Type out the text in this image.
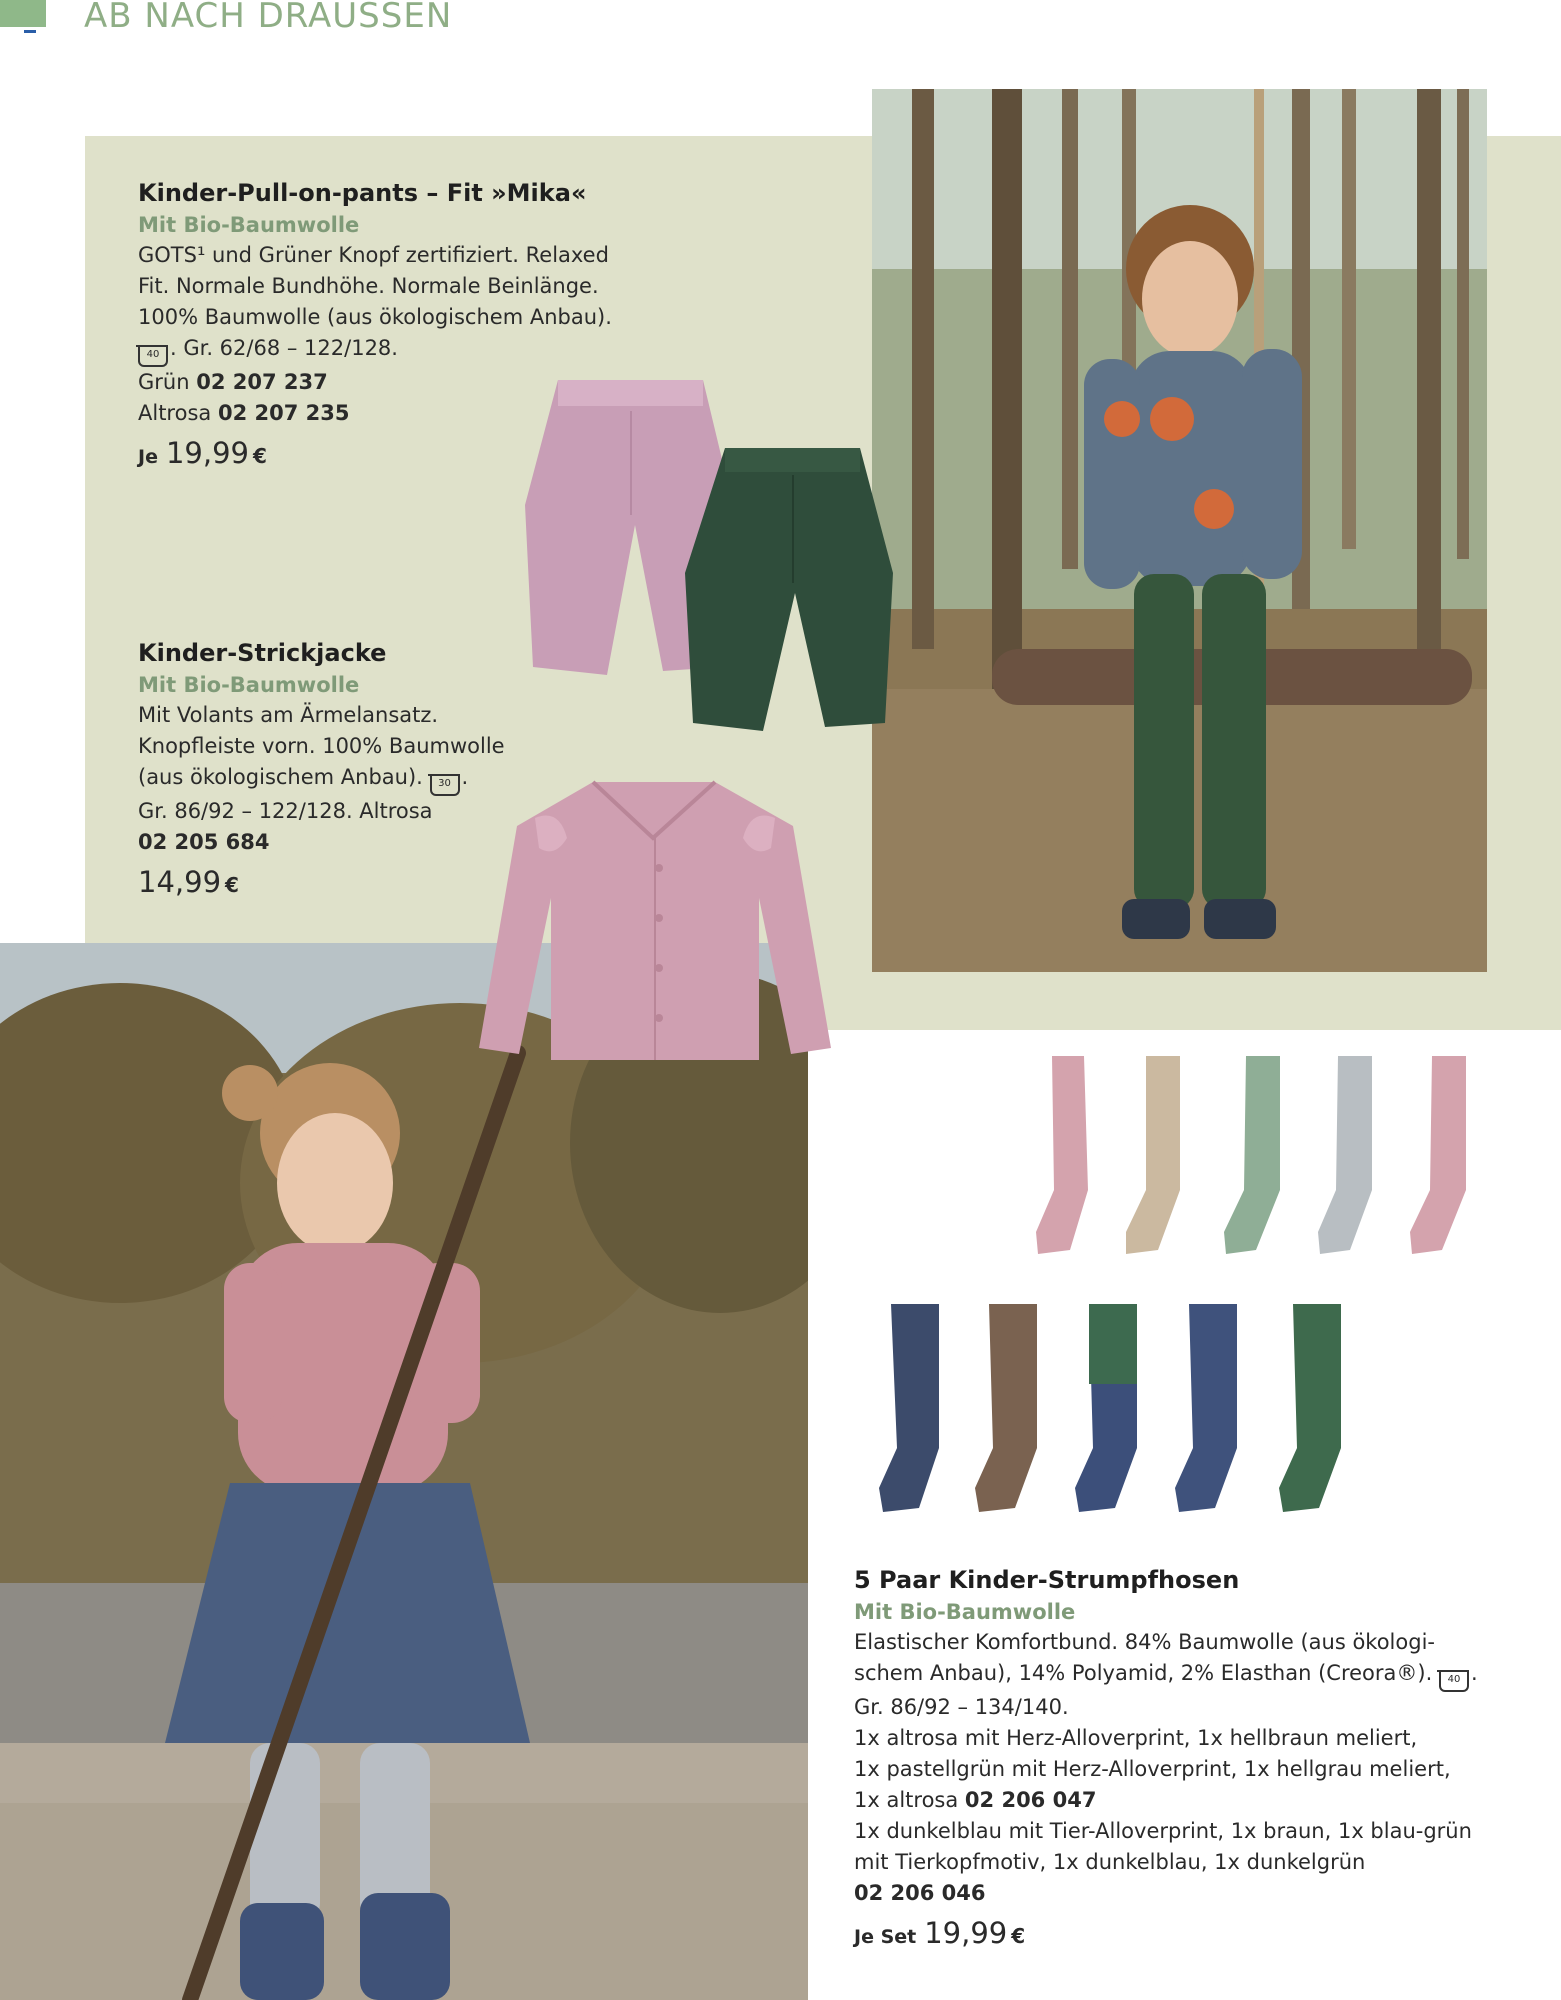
AB NACH DRAUSSEN
Kinder-Pull-on-pants – Fit »Mika«
Mit Bio-Baumwolle
GOTS¹ und Grüner Knopf zertifiziert. Relaxed
Fit. Normale Bundhöhe. Normale Beinlänge.
100% Baumwolle (aus ökologischem Anbau).
40 . Gr. 62/68 – 122/128.
Grün 02 207 237
Altrosa 02 207 235
Je 19,99 €
Kinder-Strickjacke
Mit Bio-Baumwolle
Mit Volants am Ärmelansatz.
Knopfleiste vorn. 100% Baumwolle
(aus ökologischem Anbau). 30 .
Gr. 86/92 – 122/128. Altrosa
02 205 684
14,99 €
5 Paar Kinder-Strumpfhosen
Mit Bio-Baumwolle
Elastischer Komfortbund. 84% Baumwolle (aus ökologi-
schem Anbau), 14% Polyamid, 2% Elasthan (Creora®). 40 .
Gr. 86/92 – 134/140.
1x altrosa mit Herz-Alloverprint, 1x hellbraun meliert,
1x pastellgrün mit Herz-Alloverprint, 1x hellgrau meliert,
1x altrosa 02 206 047
1x dunkelblau mit Tier-Alloverprint, 1x braun, 1x blau-grün
mit Tierkopfmotiv, 1x dunkelblau, 1x dunkelgrün
02 206 046
Je Set 19,99 €
